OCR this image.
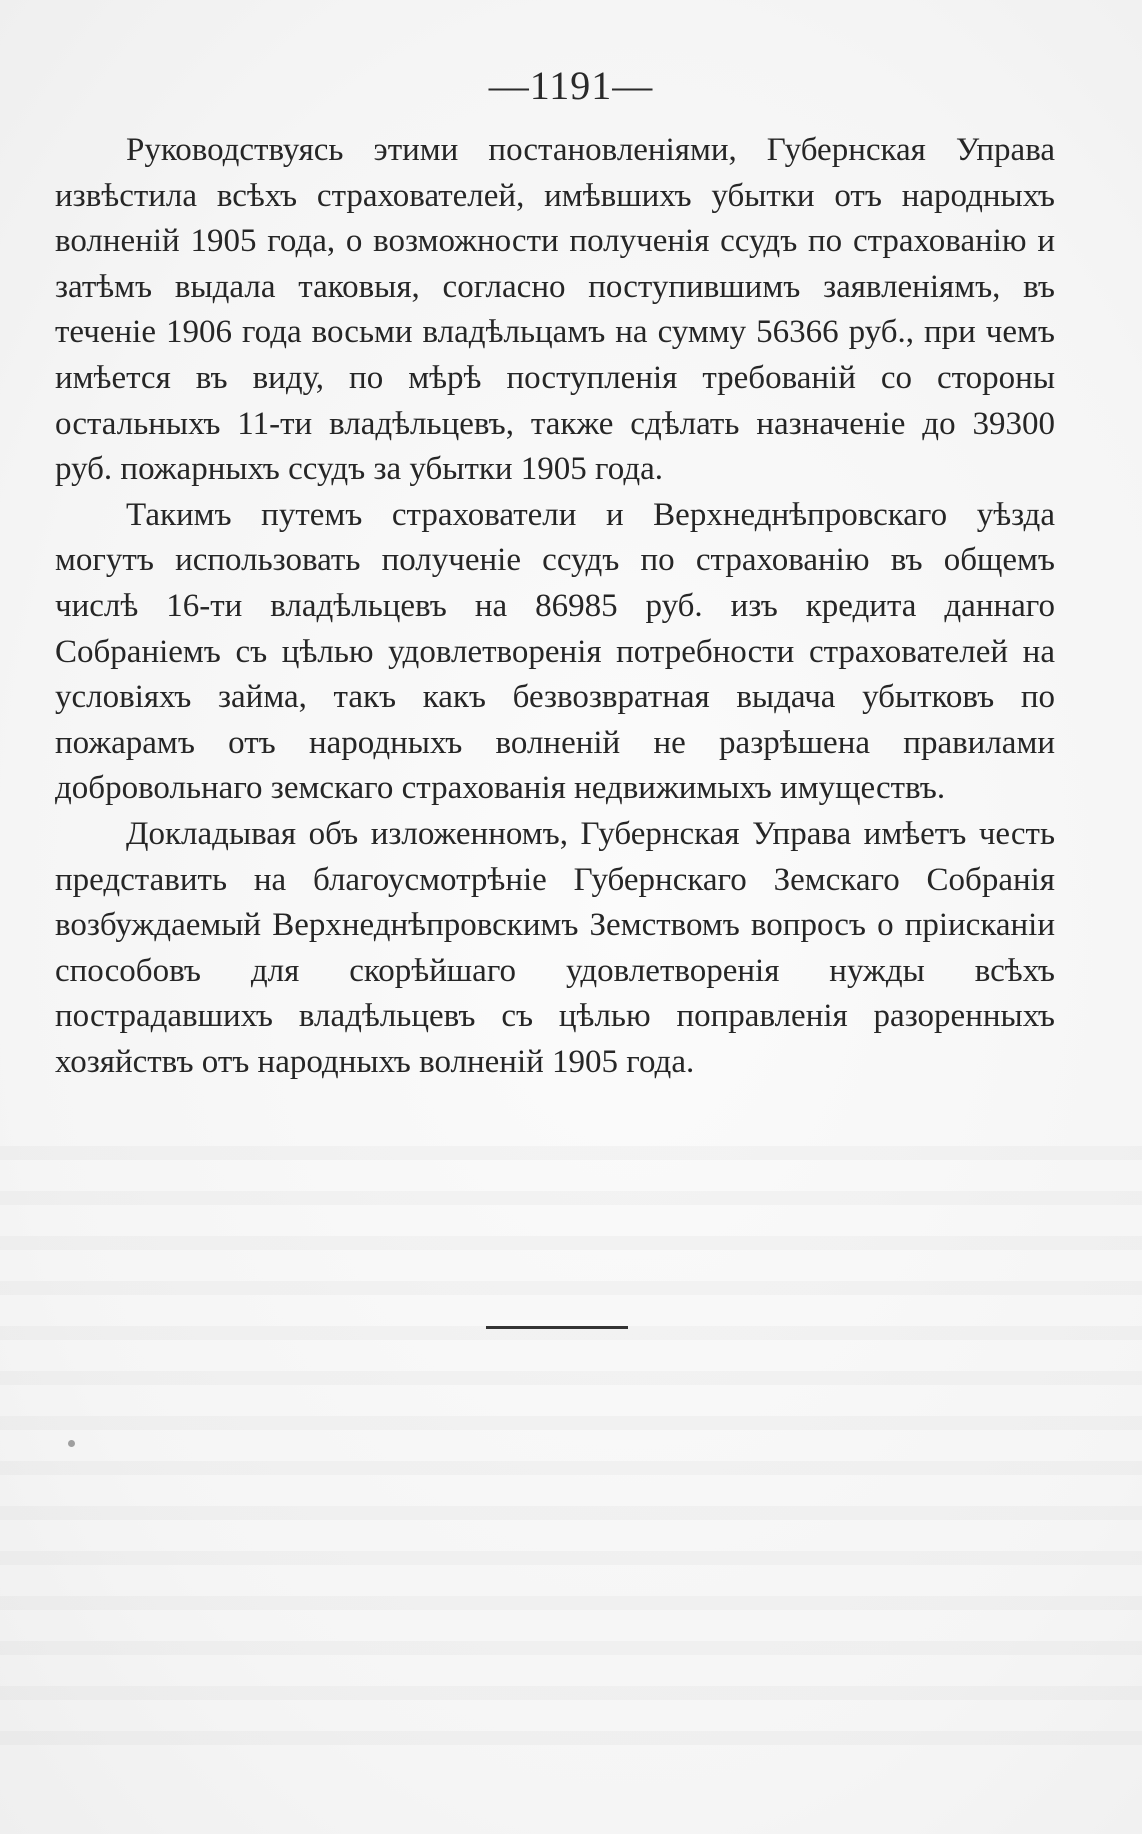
—1191—

Руководствуясь этими постановленіями, Губернская Управа извѣстила всѣхъ страхователей, имѣвшихъ убытки отъ народныхъ волненій 1905 года, о возможности полученія ссудъ по страхованію и затѣмъ выдала таковыя, согласно поступившимъ заявленіямъ, въ теченіе 1906 года восьми владѣльцамъ на сумму 56366 руб., при чемъ имѣется въ виду, по мѣрѣ поступленія требованій со стороны остальныхъ 11-ти владѣльцевъ, также сдѣлать назначеніе до 39300 руб. пожарныхъ ссудъ за убытки 1905 года.

Такимъ путемъ страхователи и Верхнеднѣпровскаго уѣзда могутъ использовать полученіе ссудъ по страхованію въ общемъ числѣ 16-ти владѣльцевъ на 86985 руб. изъ кредита даннаго Собраніемъ съ цѣлью удовлетворенія потребности страхователей на условіяхъ займа, такъ какъ безвозвратная выдача убытковъ по пожарамъ отъ народныхъ волненій не разрѣшена правилами добровольнаго земскаго страхованія недвижимыхъ имуществъ.

Докладывая объ изложенномъ, Губернская Управа имѣетъ честь представить на благоусмотрѣніе Губернскаго Земскаго Собранія возбуждаемый Верхнеднѣпровскимъ Земствомъ вопросъ о прiисканiи способовъ для скорѣйшаго удовлетворенія нужды всѣхъ пострадавшихъ владѣльцевъ съ цѣлью поправленія разоренныхъ хозяйствъ отъ народныхъ волненій 1905 года.
